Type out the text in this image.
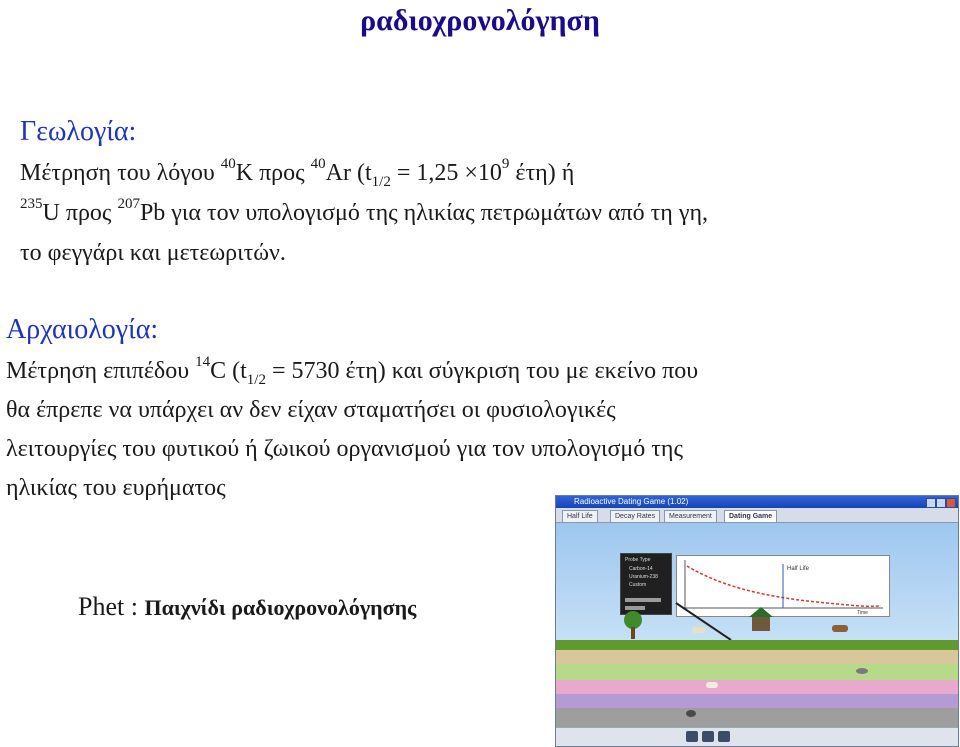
ραδιοχρονολόγηση
Γεωλογία:
Μέτρηση του λόγου $^{40}$K προς $^{40}$Ar ($t_{1/2} = 1,25 \times 10^9$ έτη) ή
$^{235}$U προς $^{207}$Pb για τον υπολογισμό της ηλικίας πετρωμάτων από τη γη,
το φεγγάρι και μετεωριτών.
Αρχαιολογία:
Μέτρηση επιπέδου $^{14}$C ($t_{1/2} = 5730$ έτη) και σύγκριση του με εκείνο που
θα έπρεπε να υπάρχει αν δεν είχαν σταματήσει οι φυσιολογικές
λειτουργίες του φυτικού ή ζωικού οργανισμού για τον υπολογισμό της
ηλικίας του ευρήματος
Phet : Παιχνίδι ραδιοχρονολόγησης
Radioactive Dating Game (1.02)
Half Life	Decay Rates	Measurement	Dating Game
Probe Type
Carbon-14
Uranium-238
Custom
Half Life
Time
